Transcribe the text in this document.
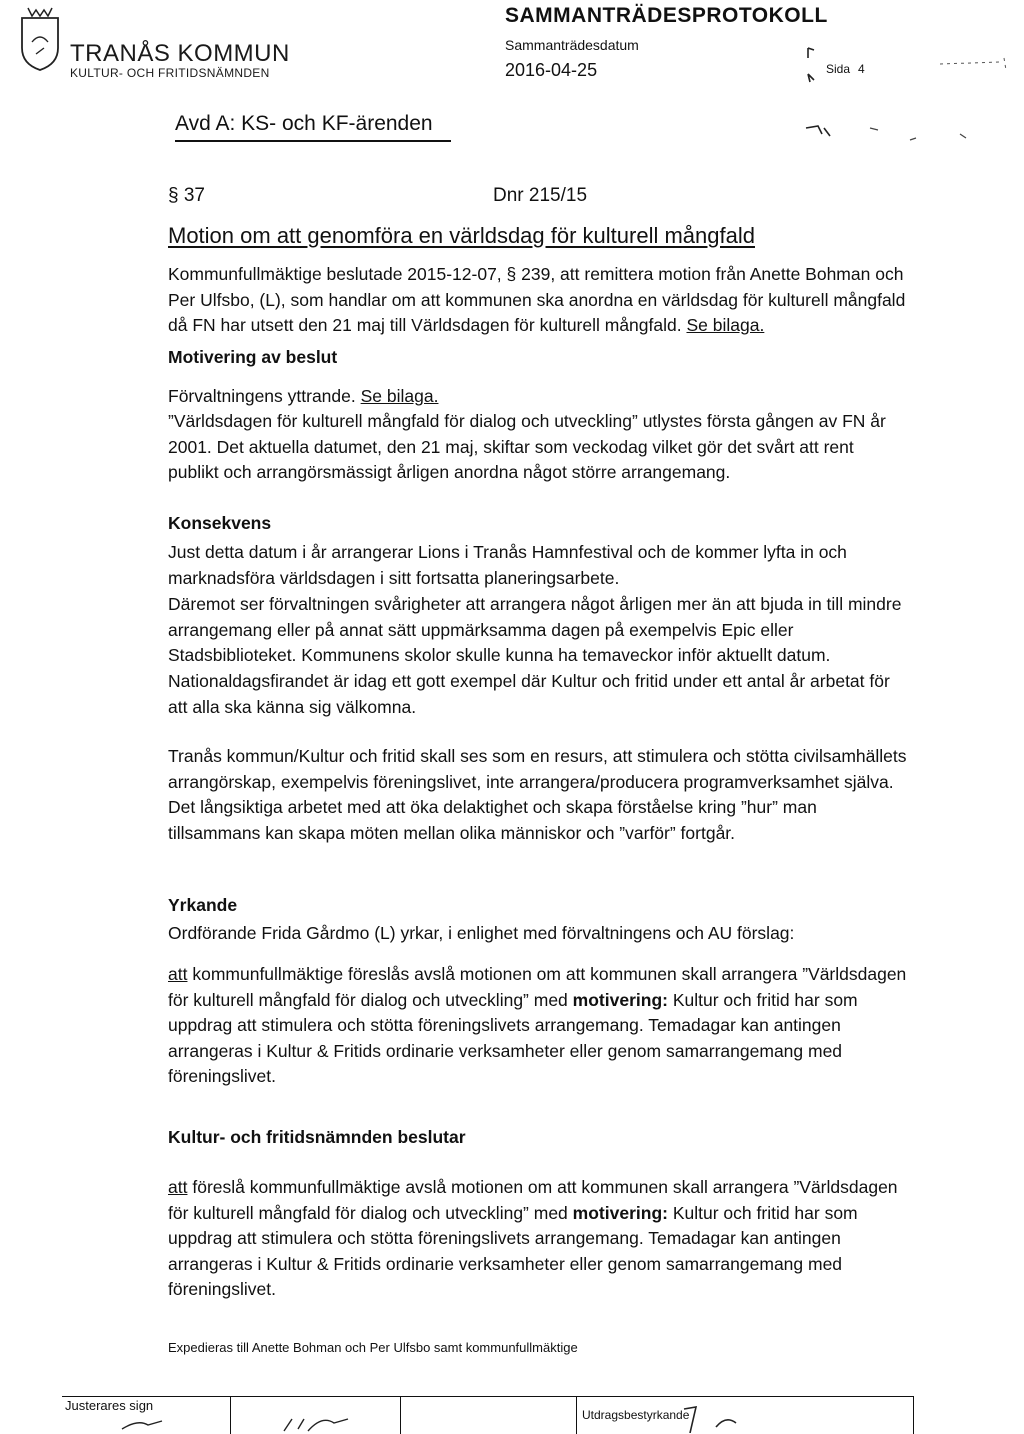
TRANÅS KOMMUN
KULTUR- OCH FRITIDSNÄMNDEN
SAMMANTRÄDESPROTOKOLL
Sammanträdesdatum
2016-04-25	Sida 4
Avd A: KS- och KF-ärenden
§ 37	Dnr 215/15
Motion om att genomföra en världsdag för kulturell mångfald
Kommunfullmäktige beslutade 2015-12-07, § 239, att remittera motion från Anette Bohman och Per Ulfsbo, (L), som handlar om att kommunen ska anordna en världsdag för kulturell mångfald då FN har utsett den 21 maj till Världsdagen för kulturell mångfald. Se bilaga.
Motivering av beslut
Förvaltningens yttrande. Se bilaga.
”Världsdagen för kulturell mångfald för dialog och utveckling” utlystes första gången av FN år 2001. Det aktuella datumet, den 21 maj, skiftar som veckodag vilket gör det svårt att rent publikt och arrangörsmässigt årligen anordna något större arrangemang.
Konsekvens
Just detta datum i år arrangerar Lions i Tranås Hamnfestival och de kommer lyfta in och marknadsföra världsdagen i sitt fortsatta planeringsarbete.
Däremot ser förvaltningen svårigheter att arrangera något årligen mer än att bjuda in till mindre arrangemang eller på annat sätt uppmärksamma dagen på exempelvis Epic eller Stadsbiblioteket. Kommunens skolor skulle kunna ha temaveckor inför aktuellt datum.
Nationaldagsfirandet är idag ett gott exempel där Kultur och fritid under ett antal år arbetat för att alla ska känna sig välkomna.
Tranås kommun/Kultur och fritid skall ses som en resurs, att stimulera och stötta civilsamhällets arrangörskap, exempelvis föreningslivet, inte arrangera/producera programverksamhet själva. Det långsiktiga arbetet med att öka delaktighet och skapa förståelse kring ”hur” man tillsammans kan skapa möten mellan olika människor och ”varför” fortgår.
Yrkande
Ordförande Frida Gårdmo (L) yrkar, i enlighet med förvaltningens och AU förslag:
att kommunfullmäktige föreslås avslå motionen om att kommunen skall arrangera ”Världsdagen för kulturell mångfald för dialog och utveckling” med motivering: Kultur och fritid har som uppdrag att stimulera och stötta föreningslivets arrangemang. Temadagar kan antingen arrangeras i Kultur & Fritids ordinarie verksamheter eller genom samarrangemang med föreningslivet.
Kultur- och fritidsnämnden beslutar
att föreslå kommunfullmäktige avslå motionen om att kommunen skall arrangera ”Världsdagen för kulturell mångfald för dialog och utveckling” med motivering: Kultur och fritid har som uppdrag att stimulera och stötta föreningslivets arrangemang. Temadagar kan antingen arrangeras i Kultur & Fritids ordinarie verksamheter eller genom samarrangemang med föreningslivet.
Expedieras till Anette Bohman och Per Ulfsbo samt kommunfullmäktige
Justerares sign
Utdragsbestyrkande
